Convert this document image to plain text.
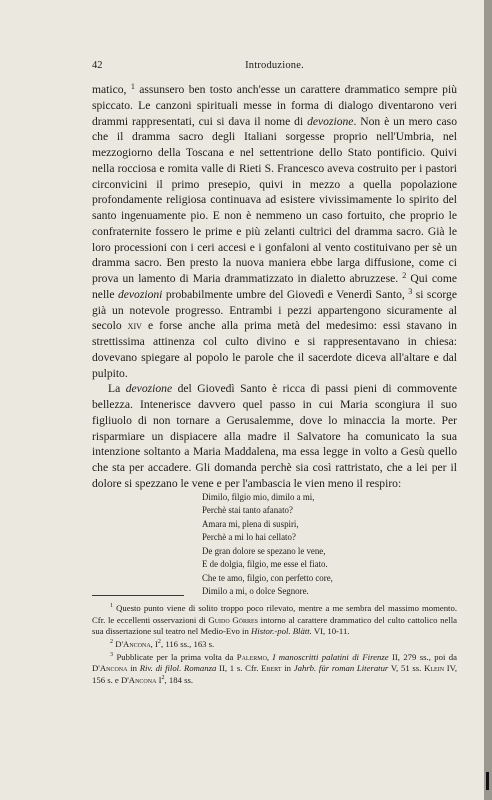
42	Introduzione.

matico, $^1$ assunsero ben tosto anch'esse un carattere drammatico sempre più spiccato. Le canzoni spirituali messe in forma di dialogo diventarono veri drammi rappresentati, cui si dava il nome di devozione. Non è un mero caso che il dramma sacro degli Italiani sorgesse proprio nell'Umbria, nel mezzogiorno della Toscana e nel settentrione dello Stato pontificio. Quivi nella rocciosa e romita valle di Rieti S. Francesco aveva costruito per i pastori circonvicini il primo presepio, quivi in mezzo a quella popolazione profondamente religiosa continuava ad esistere vivissimamente lo spirito del santo ingenuamente pio. E non è nemmeno un caso fortuito, che proprio le confraternite fossero le prime e più zelanti cultrici del dramma sacro. Già le loro processioni con i ceri accesi e i gonfaloni al vento costituivano per sè un dramma sacro. Ben presto la nuova maniera ebbe larga diffusione, come ci prova un lamento di Maria drammatizzato in dialetto abruzzese. $^2$ Qui come nelle devozioni probabilmente umbre del Giovedì e Venerdì Santo, $^3$ si scorge già un notevole progresso. Entrambi i pezzi appartengono sicuramente al secolo xiv e forse anche alla prima metà del medesimo: essi stavano in strettissima attinenza col culto divino e si rappresentavano in chiesa: dovevano spiegare al popolo le parole che il sacerdote diceva all'altare e dal pulpito.

La devozione del Giovedì Santo è ricca di passi pieni di commovente bellezza. Intenerisce davvero quel passo in cui Maria scongiura il suo figliuolo di non tornare a Gerusalemme, dove lo minaccia la morte. Per risparmiare un dispiacere alla madre il Salvatore ha comunicato la sua intenzione soltanto a Maria Maddalena, ma essa legge in volto a Gesù quello che sta per accadere. Gli domanda perchè sia così rattristato, che a lei per il dolore si spezzano le vene e per l'ambascia le vien meno il respiro:

Dimilo, filgio mio, dimilo a mi,
Perchè stai tanto afanato?
Amara mi, plena di suspiri,
Perchè a mi lo hai cellato?
De gran dolore se spezano le vene,
E de dolgia, filgio, me esse el fiato.
Che te amo, filgio, con perfetto core,
Dimilo a mi, o dolce Segnore.

$^1$ Questo punto viene di solito troppo poco rilevato, mentre a me sembra del massimo momento. Cfr. le eccellenti osservazioni di Guido Görres intorno al carattere drammatico del culto cattolico nella sua dissertazione sul teatro nel Medio-Evo in Histor.-pol. Blätt. VI, 10-11.

$^2$ D'Ancona, $I^2$, 116 ss., 163 s.

$^3$ Pubblicate per la prima volta da Palermo, I manoscritti palatini di Firenze II, 279 ss., poi da D'Ancona in Riv. di filol. Romanza II, 1 s. Cfr. Ebert in Jahrb. für roman Literatur V, 51 ss. Klein IV, 156 s. e D'Ancona $I^2$, 184 ss.
